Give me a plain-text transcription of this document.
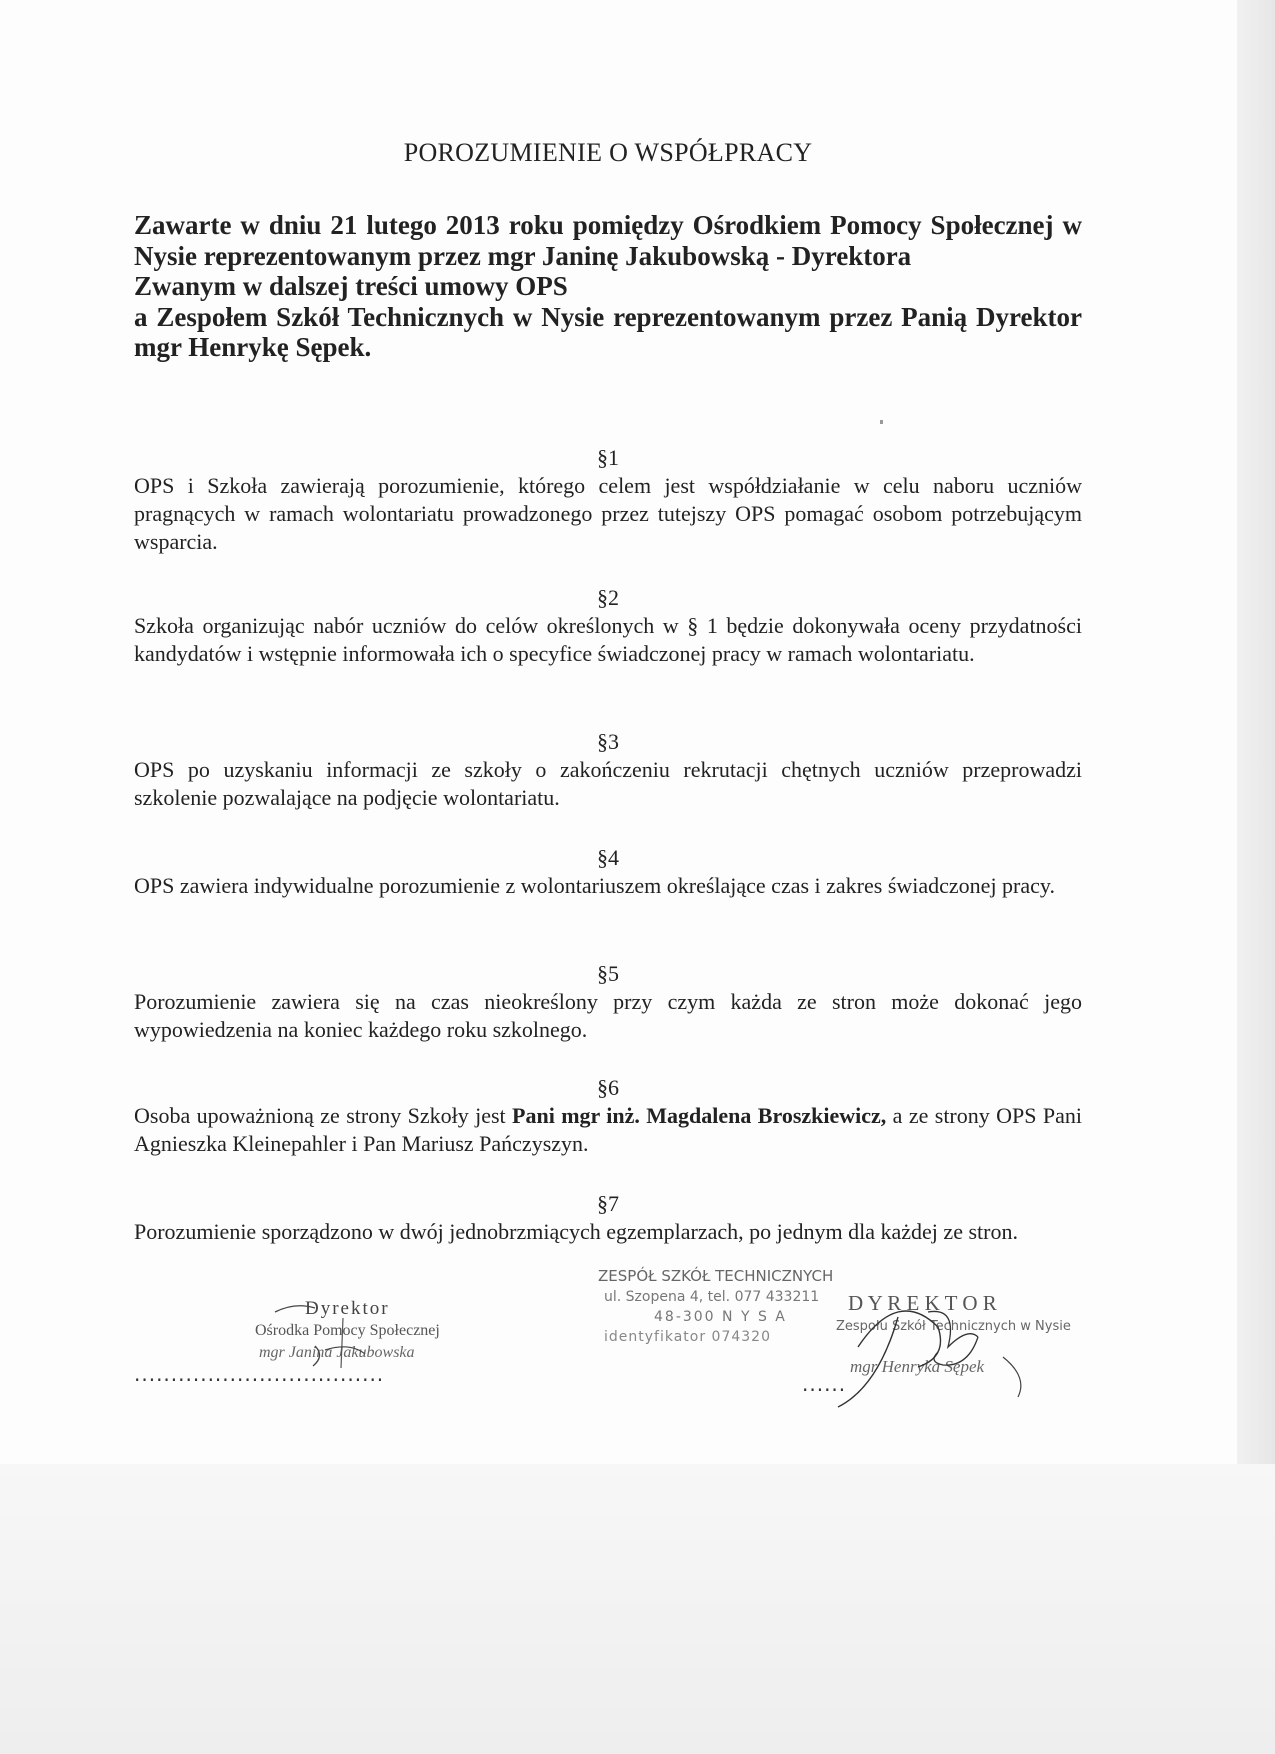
POROZUMIENIE O WSPÓŁPRACY

Zawarte w dniu 21 lutego 2013 roku pomiędzy Ośrodkiem Pomocy Społecznej w Nysie reprezentowanym przez mgr Janinę Jakubowską - Dyrektora

Zwanym w dalszej treści umowy OPS

a Zespołem Szkół Technicznych w Nysie reprezentowanym przez Panią Dyrektor mgr Henrykę Sępek.

§1

OPS i Szkoła zawierają porozumienie, którego celem jest współdziałanie w celu naboru uczniów pragnących w ramach wolontariatu prowadzonego przez tutejszy OPS pomagać osobom potrzebującym wsparcia.

§2

Szkoła organizując nabór uczniów do celów określonych w § 1 będzie dokonywała oceny przydatności kandydatów i wstępnie informowała ich o specyfice świadczonej pracy w ramach wolontariatu.

§3

OPS po uzyskaniu informacji ze szkoły o zakończeniu rekrutacji chętnych uczniów przeprowadzi szkolenie pozwalające na podjęcie wolontariatu.

§4

OPS zawiera indywidualne porozumienie z wolontariuszem określające czas i zakres świadczonej pracy.

§5

Porozumienie zawiera się na czas nieokreślony przy czym każda ze stron może dokonać jego wypowiedzenia na koniec każdego roku szkolnego.

§6

Osoba upoważnioną ze strony Szkoły jest Pani mgr inż. Magdalena Broszkiewicz, a ze strony OPS Pani Agnieszka Kleinepahler i Pan Mariusz Pańczyszyn.

§7

Porozumienie sporządzono w dwój jednobrzmiących egzemplarzach, po jednym dla każdej ze stron.

Dyrektor
Ośrodka Pomocy Społecznej
mgr Janina Jakubowska
..................................
ZESPÓŁ SZKÓŁ TECHNICZNYCH
ul. Szopena 4, tel. 077 433211
48-300 N Y S A
identyfikator 074320
D Y R E K T O R
Zespołu Szkół Technicznych w Nysie
mgr Henryka Sępek
......
